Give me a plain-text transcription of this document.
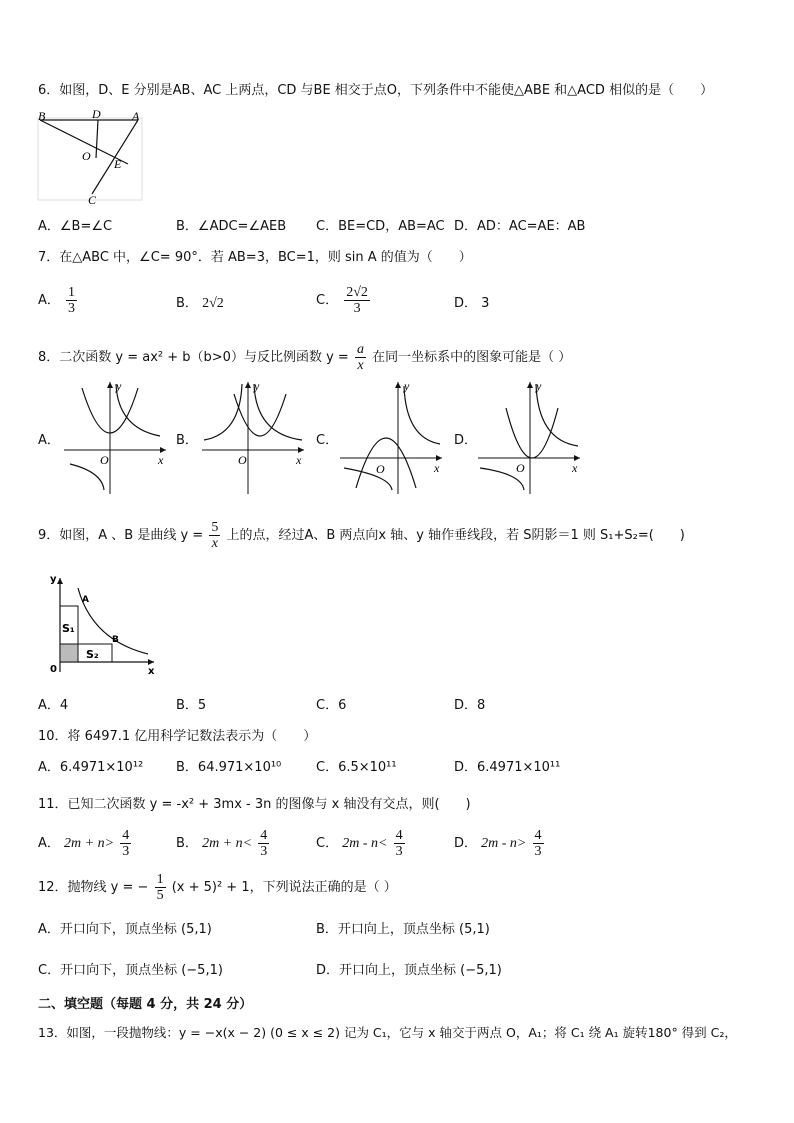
6．如图，D、E 分别是AB、AC 上两点，CD 与BE 相交于点O，下列条件中不能使△ABE 和△ACD 相似的是（　　）
B	D	A
O
E
C
A．∠B=∠C	B．∠ADC=∠AEB C．BE=CD，AB=AC D．AD：AC=AE：AB
7．在△ABC 中，∠C= 90°．若 AB=3，BC=1，则 sin A 的值为（　　）
A． $\frac{1}{3}$	B． 2√2	C． $\frac{2√2}{3}$	D． 3
8．二次函数 y = ax² + b（b>0）与反比例函数 $y = \frac{a}{x}$ 在同一坐标系中的图象可能是（ ）
A．	B．	C．	D．
O	x
y
O	x
y
O	x
y
O	x
y
9．如图，A 、B 是曲线 $y = \frac{5}{x}$ 上的点，经过A、B 两点向x 轴、y 轴作垂线段，若 S阴影＝1 则 S₁+S₂=(　　)
y
A
B
S₁
S₂
0	x
A．4	B．5	C．6	D．8
10．将 6497.1 亿用科学记数法表示为（　　）
A．6.4971×10¹²	B．64.971×10¹⁰	C．6.5×10¹¹	D．6.4971×10¹¹
11．已知二次函数 y = -x² + 3mx - 3n 的图像与 x 轴没有交点，则(　　)
A． $2m + n> \frac{4}{3}$	B． $2m + n< \frac{4}{3}$	C． $2m - n< \frac{4}{3}$	D． $2m - n> \frac{4}{3}$
12．抛物线 y = − $\frac{1}{5} (x + 5)^2 + 1$，下列说法正确的是（ ）
A．开口向下，顶点坐标 (5,1)	B．开口向上，顶点坐标 (5,1)
C．开口向下，顶点坐标 (−5,1)	D．开口向上，顶点坐标 (−5,1)
二、填空题（每题 4 分，共 24 分）
13．如图，一段抛物线：y = −x(x − 2) (0 ≤ x ≤ 2) 记为 C₁，它与 x 轴交于两点 O，A₁；将 C₁ 绕 A₁ 旋转180° 得到 C₂，
